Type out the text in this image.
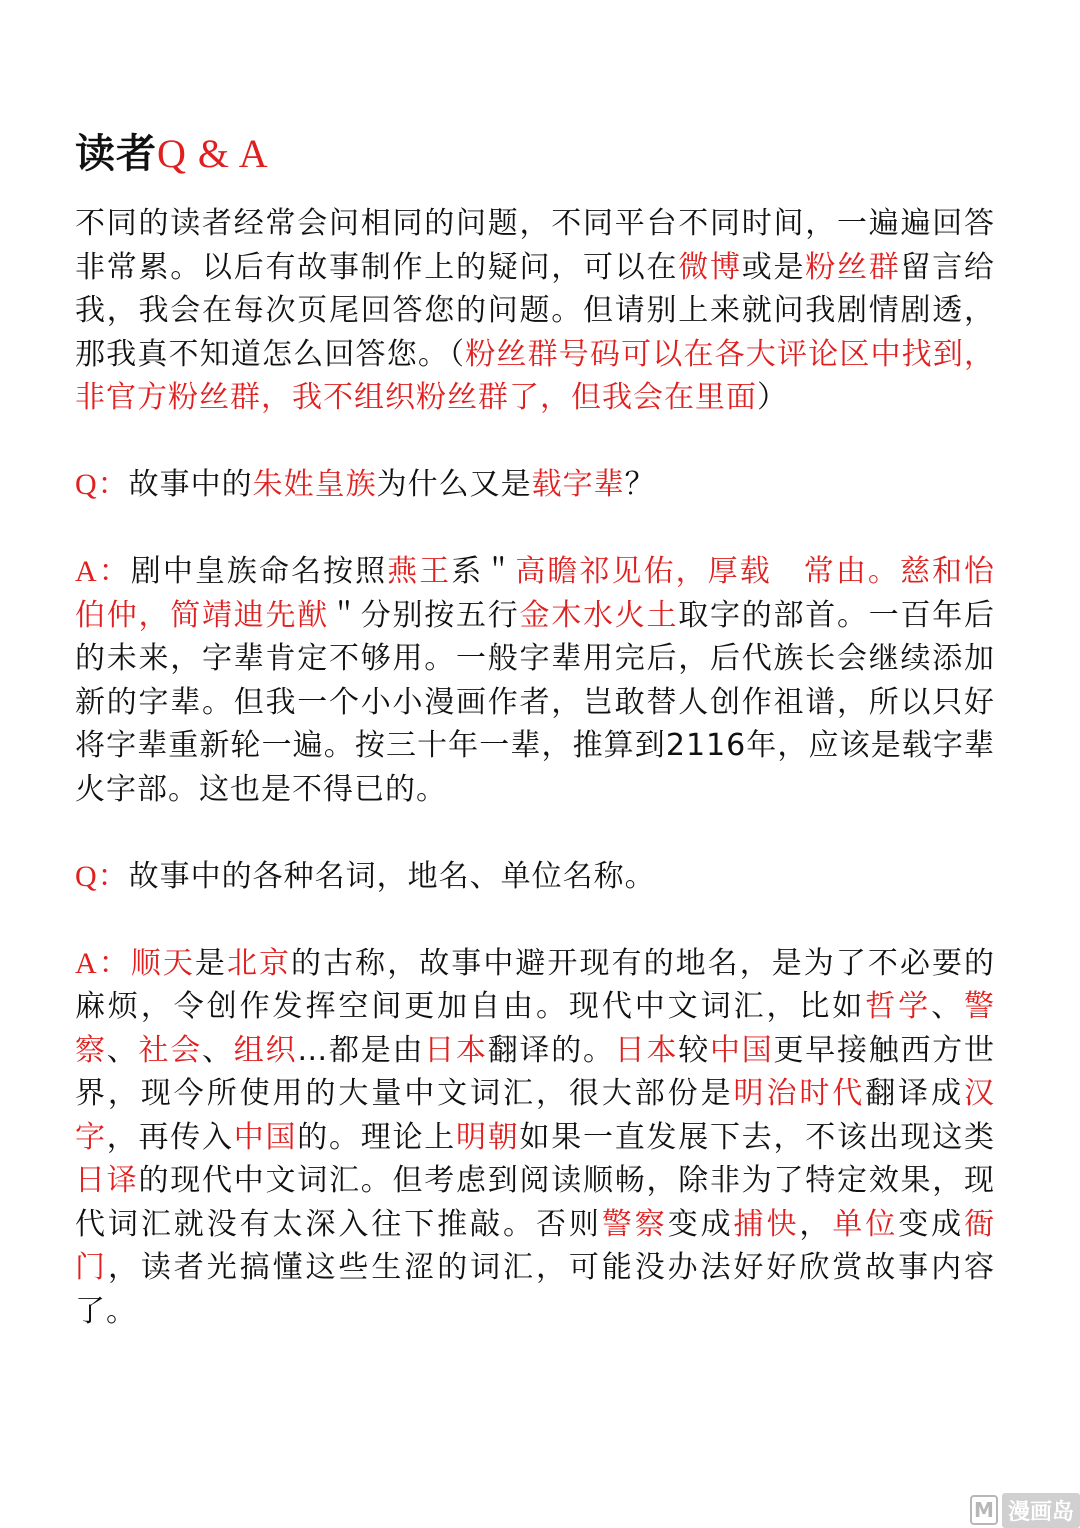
读者Q & A

不同的读者经常会问相同的问题，不同平台不同时间，一遍遍回答非常累。以后有故事制作上的疑问，可以在微博或是粉丝群留言给我，我会在每次页尾回答您的问题。但请别上来就问我剧情剧透，那我真不知道怎么回答您。（粉丝群号码可以在各大评论区中找到，非官方粉丝群，我不组织粉丝群了，但我会在里面）

Q：故事中的朱姓皇族为什么又是载字辈？

A：剧中皇族命名按照燕王系＂高瞻祁见佑，厚载　常由。慈和怡伯仲，简靖迪先猷＂分别按五行金木水火土取字的部首。一百年后的未来，字辈肯定不够用。一般字辈用完后，后代族长会继续添加新的字辈。但我一个小小漫画作者，岂敢替人创作祖谱，所以只好将字辈重新轮一遍。按三十年一辈，推算到2116年，应该是载字辈火字部。这也是不得已的。

Q：故事中的各种名词，地名、单位名称。

A：顺天是北京的古称，故事中避开现有的地名，是为了不必要的麻烦，令创作发挥空间更加自由。现代中文词汇，比如哲学、警察、社会、组织…都是由日本翻译的。日本较中国更早接触西方世界，现今所使用的大量中文词汇，很大部份是明治时代翻译成汉字，再传入中国的。理论上明朝如果一直发展下去，不该出现这类日译的现代中文词汇。但考虑到阅读顺畅，除非为了特定效果，现代词汇就没有太深入往下推敲。否则警察变成捕快，单位变成衙门，读者光搞懂这些生涩的词汇，可能没办法好好欣赏故事内容了。

M 漫画岛
